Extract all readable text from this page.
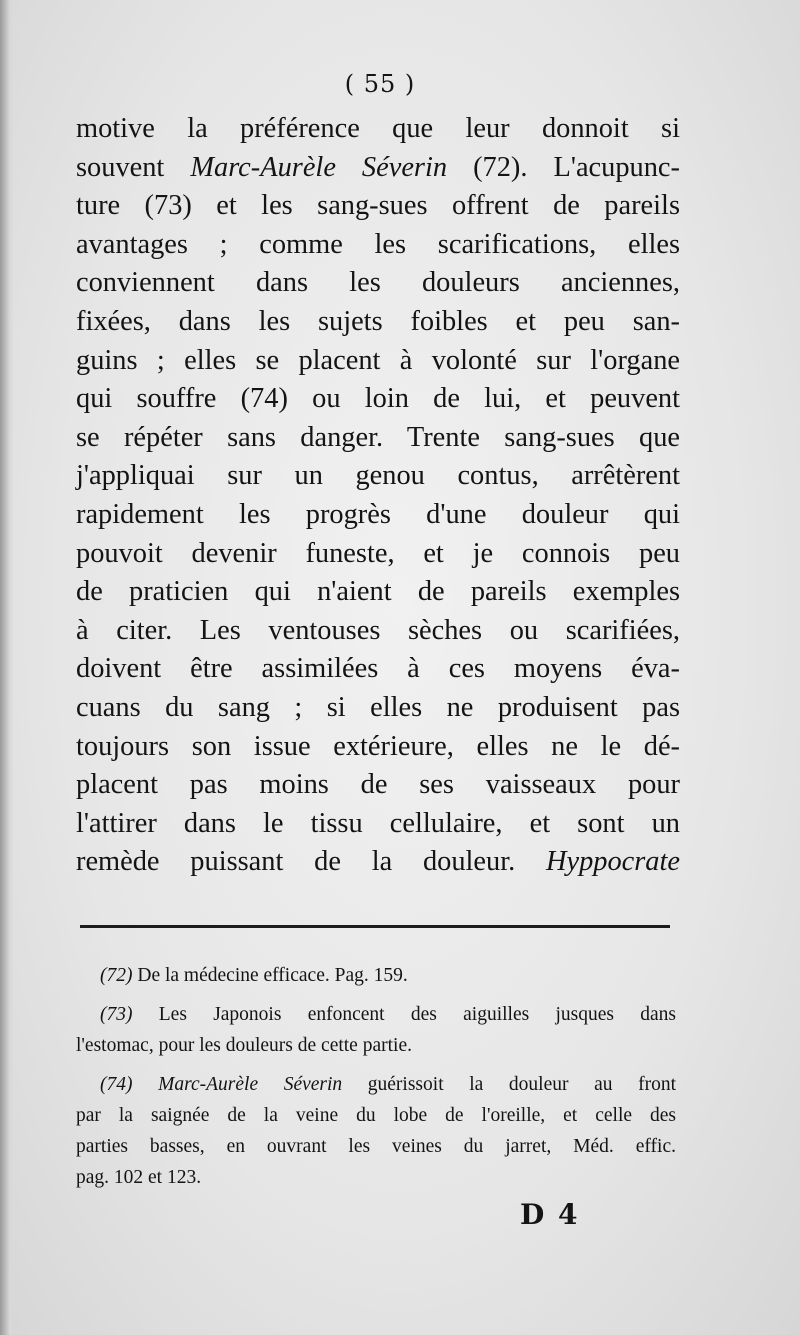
( 55 )
motive la préférence que leur donnoit si
souvent Marc-Aurèle Séverin (72). L'acupunc-
ture (73) et les sang-sues offrent de pareils
avantages ; comme les scarifications, elles
conviennent dans les douleurs anciennes,
fixées, dans les sujets foibles et peu san-
guins ; elles se placent à volonté sur l'organe
qui souffre (74) ou loin de lui, et peuvent
se répéter sans danger. Trente sang-sues que
j'appliquai sur un genou contus, arrêtèrent
rapidement les progrès d'une douleur qui
pouvoit devenir funeste, et je connois peu
de praticien qui n'aient de pareils exemples
à citer. Les ventouses sèches ou scarifiées,
doivent être assimilées à ces moyens éva-
cuans du sang ; si elles ne produisent pas
toujours son issue extérieure, elles ne le dé-
placent pas moins de ses vaisseaux pour
l'attirer dans le tissu cellulaire, et sont un
remède puissant de la douleur. Hyppocrate
(72) De la médecine efficace. Pag. 159.
(73) Les Japonois enfoncent des aiguilles jusques dans
l'estomac, pour les douleurs de cette partie.
(74) Marc-Aurèle Séverin guérissoit la douleur au front
par la saignée de la veine du lobe de l'oreille, et celle des
parties basses, en ouvrant les veines du jarret, Méd. effic.
pag. 102 et 123.
D 4
